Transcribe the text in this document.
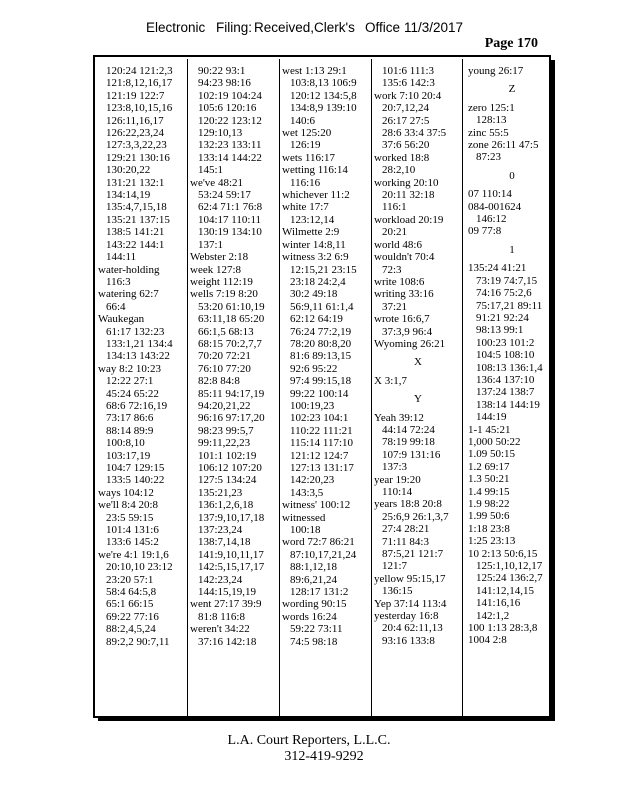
Electronic Filing: Received,Clerk's Office 11/3/2017
Page 170
120:24 121:2,3
121:8,12,16,17
121:19 122:7
123:8,10,15,16
126:11,16,17
126:22,23,24
127:3,3,22,23
129:21 130:16
130:20,22
131:21 132:1
134:14,19
135:4,7,15,18
135:21 137:15
138:5 141:21
143:22 144:1
144:11
water-holding
116:3
watering 62:7
66:4
Waukegan
61:17 132:23
133:1,21 134:4
134:13 143:22
way 8:2 10:23
12:22 27:1
45:24 65:22
68:6 72:16,19
73:17 86:6
88:14 89:9
100:8,10
103:17,19
104:7 129:15
133:5 140:22
ways 104:12
we'll 8:4 20:8
23:5 59:15
101:4 131:6
133:6 145:2
we're 4:1 19:1,6
20:10,10 23:12
23:20 57:1
58:4 64:5,8
65:1 66:15
69:22 77:16
88:2,4,5,24
89:2,2 90:7,11
90:22 93:1
94:23 98:16
102:19 104:24
105:6 120:16
120:22 123:12
129:10,13
132:23 133:11
133:14 144:22
145:1
we've 48:21
53:24 59:17
62:4 71:1 76:8
104:17 110:11
130:19 134:10
137:1
Webster 2:18
week 127:8
weight 112:19
wells 7:19 8:20
53:20 61:10,19
63:11,18 65:20
66:1,5 68:13
68:15 70:2,7,7
70:20 72:21
76:10 77:20
82:8 84:8
85:11 94:17,19
94:20,21,22
96:16 97:17,20
98:23 99:5,7
99:11,22,23
101:1 102:19
106:12 107:20
127:5 134:24
135:21,23
136:1,2,6,18
137:9,10,17,18
137:23,24
138:7,14,18
141:9,10,11,17
142:5,15,17,17
142:23,24
144:15,19,19
went 27:17 39:9
81:8 116:8
weren't 34:22
37:16 142:18
west 1:13 29:1
103:8,13 106:9
120:12 134:5,8
134:8,9 139:10
140:6
wet 125:20
126:19
wets 116:17
wetting 116:14
116:16
whichever 11:2
white 17:7
123:12,14
Wilmette 2:9
winter 14:8,11
witness 3:2 6:9
12:15,21 23:15
23:18 24:2,4
30:2 49:18
56:9,11 61:1,4
62:12 64:19
76:24 77:2,19
78:20 80:8,20
81:6 89:13,15
92:6 95:22
97:4 99:15,18
99:22 100:14
100:19,23
102:23 104:1
110:22 111:21
115:14 117:10
121:12 124:7
127:13 131:17
142:20,23
143:3,5
witness' 100:12
witnessed
100:18
word 72:7 86:21
87:10,17,21,24
88:1,12,18
89:6,21,24
128:17 131:2
wording 90:15
words 16:24
59:22 73:11
74:5 98:18
101:6 111:3
135:6 142:3
work 7:10 20:4
20:7,12,24
26:17 27:5
28:6 33:4 37:5
37:6 56:20
worked 18:8
28:2,10
working 20:10
20:11 32:18
116:1
workload 20:19
20:21
world 48:6
wouldn't 70:4
72:3
write 108:6
writing 33:16
37:21
wrote 16:6,7
37:3,9 96:4
Wyoming 26:21
X
X 3:1,7
Y
Yeah 39:12
44:14 72:24
78:19 99:18
107:9 131:16
137:3
year 19:20
110:14
years 18:8 20:8
25:6,9 26:1,3,7
27:4 28:21
71:11 84:3
87:5,21 121:7
121:7
yellow 95:15,17
136:15
Yep 37:14 113:4
yesterday 16:8
20:4 62:11,13
93:16 133:8
young 26:17
Z
zero 125:1
128:13
zinc 55:5
zone 26:11 47:5
87:23
0
07 110:14
084-001624
146:12
09 77:8
1
135:24 41:21
73:19 74:7,15
74:16 75:2,6
75:17,21 89:11
91:21 92:24
98:13 99:1
100:23 101:2
104:5 108:10
108:13 136:1,4
136:4 137:10
137:24 138:7
138:14 144:19
144:19
1-1 45:21
1,000 50:22
1.09 50:15
1.2 69:17
1.3 50:21
1.4 99:15
1.9 98:22
1.99 50:6
1:18 23:8
1:25 23:13
10 2:13 50:6,15
125:1,10,12,17
125:24 136:2,7
141:12,14,15
141:16,16
142:1,2
100 1:13 28:3,8
1004 2:8
L.A. Court Reporters, L.L.C.
312-419-9292
